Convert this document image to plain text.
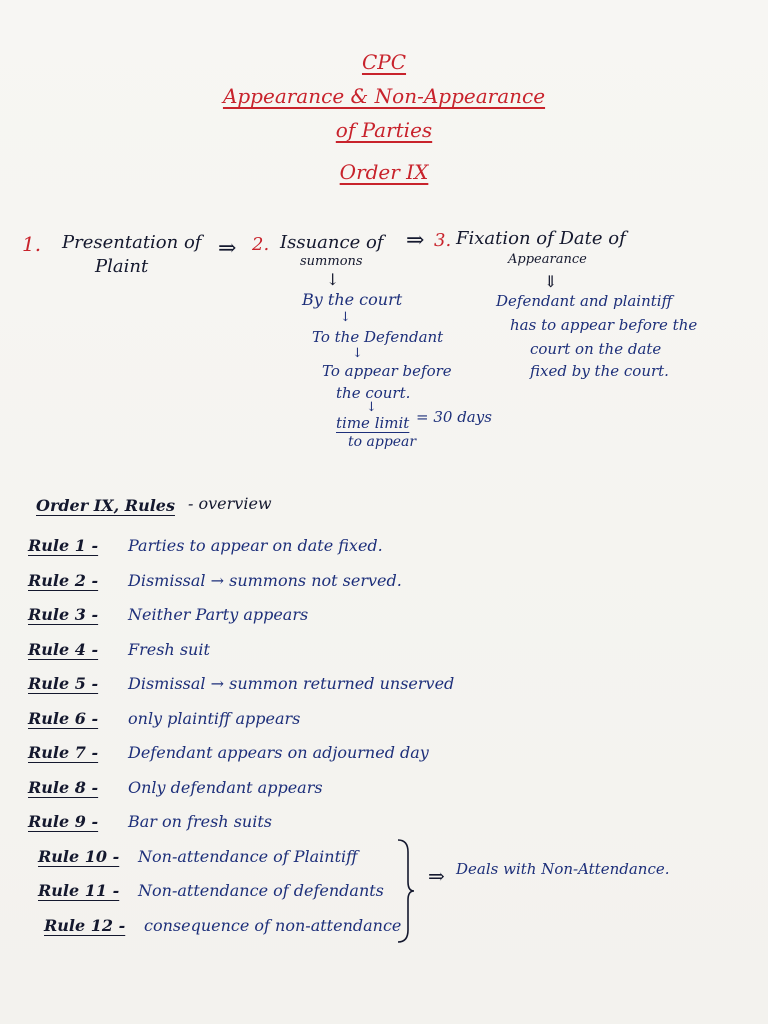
CPC
Appearance & Non-Appearance
of Parties
Order IX
1. Presentation of
Plaint
⇒ 2. Issuance of
summons
⇒ 3. Fixation of Date of
Appearance
↓
By the court
↓
To the Defendant
↓
To appear before
the court.
↓
time limit = 30 days
to appear
⇓
Defendant and plaintiff
has to appear before the
court on the date
fixed by the court.
Order IX, Rules - overview
Rule 1 - Parties to appear on date fixed.
Rule 2 - Dismissal → summons not served.
Rule 3 - Neither Party appears
Rule 4 - Fresh suit
Rule 5 - Dismissal → summon returned unserved
Rule 6 - only plaintiff appears
Rule 7 - Defendant appears on adjourned day
Rule 8 - Only defendant appears
Rule 9 - Bar on fresh suits
Rule 10 - Non-attendance of Plaintiff
Rule 11 - Non-attendance of defendants
Rule 12 - consequence of non-attendance
⇒ Deals with Non-Attendance.
